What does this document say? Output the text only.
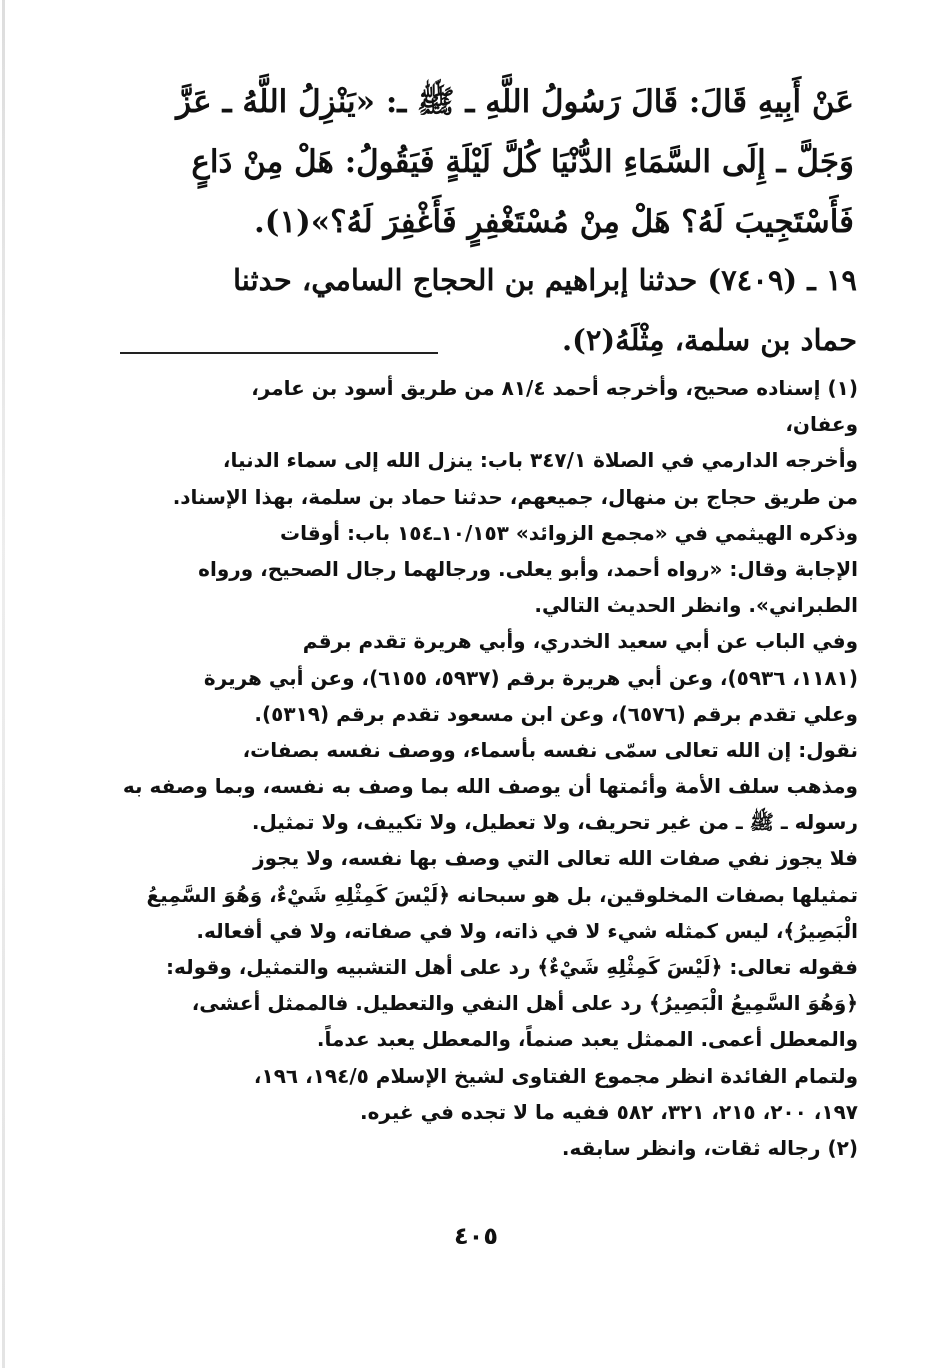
عَنْ أَبِيهِ قَالَ: قَالَ رَسُولُ اللَّهِ ـ ﷺ ـ: «يَنْزِلُ اللَّهُ ـ عَزَّ
وَجَلَّ ـ إِلَى السَّمَاءِ الدُّنْيَا كُلَّ لَيْلَةٍ فَيَقُولُ: هَلْ مِنْ دَاعٍ
فَأَسْتَجِيبَ لَهُ؟ هَلْ مِنْ مُسْتَغْفِرٍ فَأَغْفِرَ لَهُ؟»(١).
١٩ ـ (٧٤٠٩) حدثنا إبراهيم بن الحجاج السامي، حدثنا
حماد بن سلمة، مِثْلَهُ(٢).
(١) إسناده صحيح، وأخرجه أحمد ٨١/٤ من طريق أسود بن عامر،
وعفان،
وأخرجه الدارمي في الصلاة ٣٤٧/١ باب: ينزل الله إلى سماء الدنيا،
من طريق حجاج بن منهال، جميعهم، حدثنا حماد بن سلمة، بهذا الإسناد.
وذكره الهيثمي في «مجمع الزوائد» ١٠/١٥٣ـ١٥٤ باب: أوقات
الإجابة وقال: «رواه أحمد، وأبو يعلى. ورجالهما رجال الصحيح، ورواه
الطبراني». وانظر الحديث التالي.
وفي الباب عن أبي سعيد الخدري، وأبي هريرة تقدم برقم
(١١٨١، ٥٩٣٦)، وعن أبي هريرة برقم (٥٩٣٧، ٦١٥٥)، وعن أبي هريرة
وعلي تقدم برقم (٦٥٧٦)، وعن ابن مسعود تقدم برقم (٥٣١٩).
نقول: إن الله تعالى سمّى نفسه بأسماء، ووصف نفسه بصفات،
ومذهب سلف الأمة وأئمتها أن يوصف الله بما وصف به نفسه، وبما وصفه به
رسوله ـ ﷺ ـ من غير تحريف، ولا تعطيل، ولا تكييف، ولا تمثيل.
فلا يجوز نفي صفات الله تعالى التي وصف بها نفسه، ولا يجوز
تمثيلها بصفات المخلوقين، بل هو سبحانه ﴿لَيْسَ كَمِثْلِهِ شَيْءٌ، وَهُوَ السَّمِيعُ
الْبَصِيرُ﴾، ليس كمثله شيء لا في ذاته، ولا في صفاته، ولا في أفعاله.
فقوله تعالى: ﴿لَيْسَ كَمِثْلِهِ شَيْءٌ﴾ رد على أهل التشبيه والتمثيل، وقوله:
﴿وَهُوَ السَّمِيعُ الْبَصِيرُ﴾ رد على أهل النفي والتعطيل. فالممثل أعشى،
والمعطل أعمى. الممثل يعبد صنماً، والمعطل يعبد عدماً.
ولتمام الفائدة انظر مجموع الفتاوى لشيخ الإسلام ١٩٤/٥، ١٩٦،
١٩٧، ٢٠٠، ٢١٥، ٣٢١، ٥٨٢ ففيه ما لا تجده في غيره.
(٢) رجاله ثقات، وانظر سابقه.
٤٠٥
